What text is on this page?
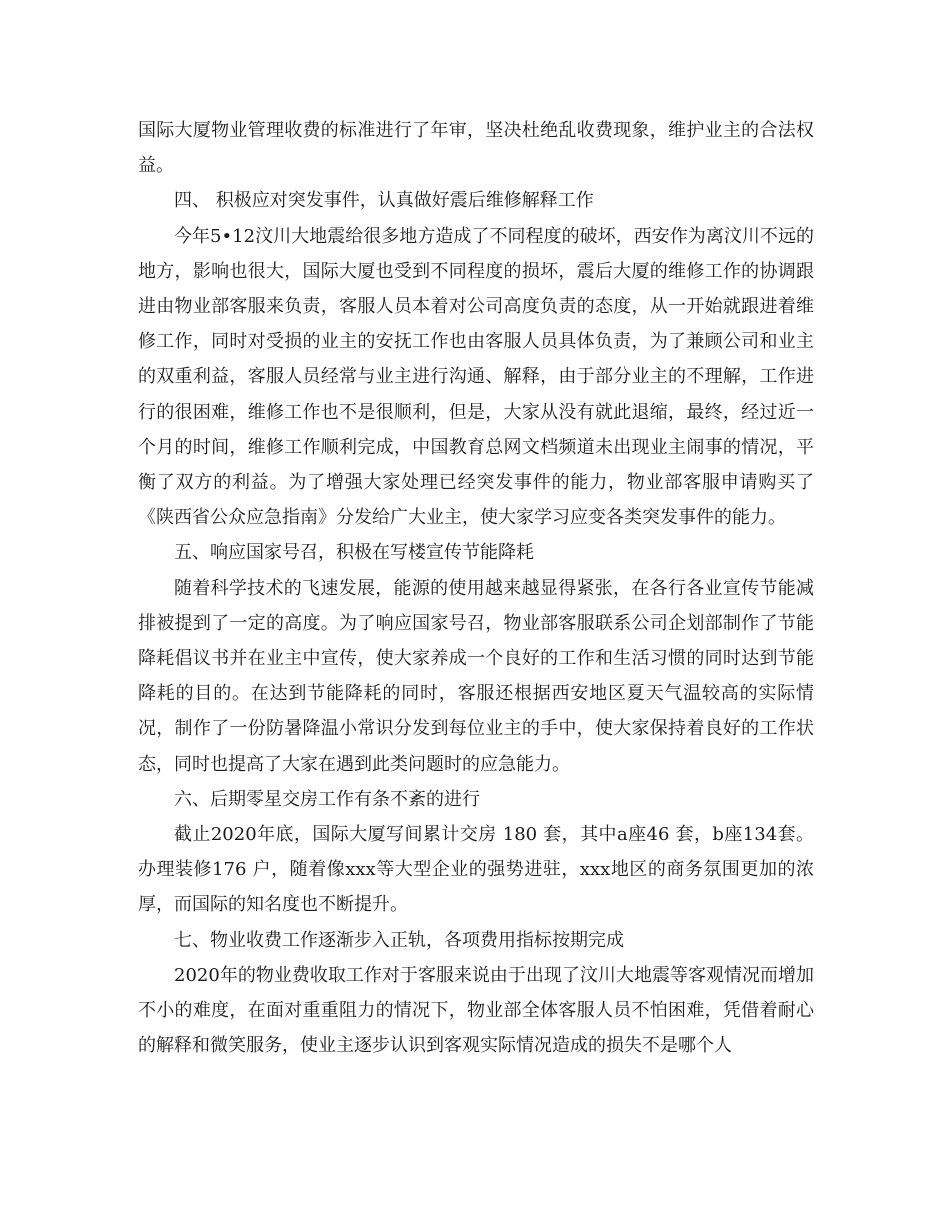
国际大厦物业管理收费的标准进行了年审，坚决杜绝乱收费现象，维护业主的合法权益。

四、 积极应对突发事件，认真做好震后维修解释工作

今年5•12汶川大地震给很多地方造成了不同程度的破坏，西安作为离汶川不远的地方，影响也很大，国际大厦也受到不同程度的损坏，震后大厦的维修工作的协调跟进由物业部客服来负责，客服人员本着对公司高度负责的态度，从一开始就跟进着维修工作，同时对受损的业主的安抚工作也由客服人员具体负责，为了兼顾公司和业主的双重利益，客服人员经常与业主进行沟通、解释，由于部分业主的不理解，工作进行的很困难，维修工作也不是很顺利，但是，大家从没有就此退缩，最终，经过近一个月的时间，维修工作顺利完成，中国教育总网文档频道未出现业主闹事的情况，平衡了双方的利益。为了增强大家处理已经突发事件的能力，物业部客服申请购买了《陕西省公众应急指南》分发给广大业主，使大家学习应变各类突发事件的能力。

五、响应国家号召，积极在写楼宣传节能降耗

随着科学技术的飞速发展，能源的使用越来越显得紧张，在各行各业宣传节能减排被提到了一定的高度。为了响应国家号召，物业部客服联系公司企划部制作了节能降耗倡议书并在业主中宣传，使大家养成一个良好的工作和生活习惯的同时达到节能降耗的目的。在达到节能降耗的同时，客服还根据西安地区夏天气温较高的实际情况，制作了一份防暑降温小常识分发到每位业主的手中，使大家保持着良好的工作状态，同时也提高了大家在遇到此类问题时的应急能力。

六、后期零星交房工作有条不紊的进行

截止2020年底，国际大厦写间累计交房 180 套，其中a座46 套，b座134套。办理装修176 户，随着像xxx等大型企业的强势进驻，xxx地区的商务氛围更加的浓厚，而国际的知名度也不断提升。

七、物业收费工作逐渐步入正轨，各项费用指标按期完成

2020年的物业费收取工作对于客服来说由于出现了汶川大地震等客观情况而增加不小的难度，在面对重重阻力的情况下，物业部全体客服人员不怕困难，凭借着耐心的解释和微笑服务，使业主逐步认识到客观实际情况造成的损失不是哪个人
